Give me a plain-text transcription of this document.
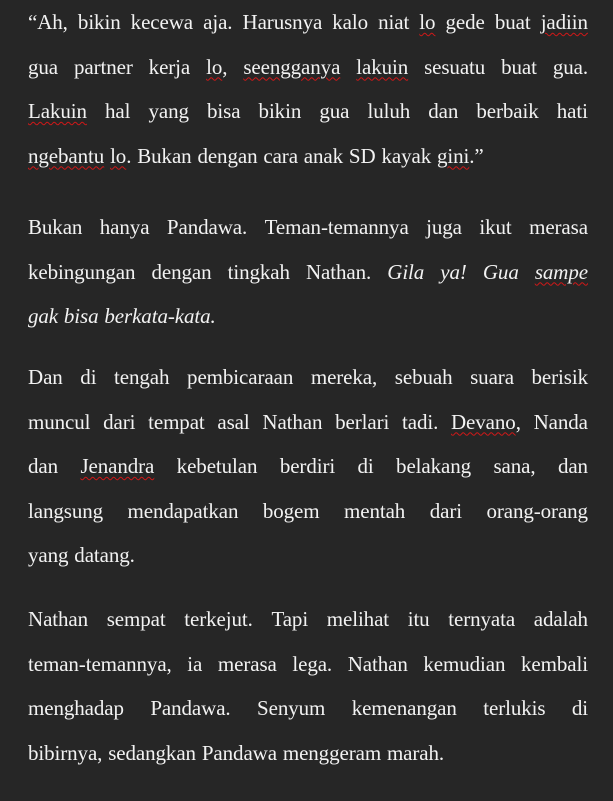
“Ah, bikin kecewa aja. Harusnya kalo niat lo gede buat jadiin
gua partner kerja lo, seengganya lakuin sesuatu buat gua.
Lakuin hal yang bisa bikin gua luluh dan berbaik hati
ngebantu lo. Bukan dengan cara anak SD kayak gini.”
Bukan hanya Pandawa. Teman-temannya juga ikut merasa
kebingungan dengan tingkah Nathan. Gila ya! Gua sampe
gak bisa berkata-kata.
Dan di tengah pembicaraan mereka, sebuah suara berisik
muncul dari tempat asal Nathan berlari tadi. Devano, Nanda
dan Jenandra kebetulan berdiri di belakang sana, dan
langsung mendapatkan bogem mentah dari orang-orang
yang datang.
Nathan sempat terkejut. Tapi melihat itu ternyata adalah
teman-temannya, ia merasa lega. Nathan kemudian kembali
menghadap Pandawa. Senyum kemenangan terlukis di
bibirnya, sedangkan Pandawa menggeram marah.
